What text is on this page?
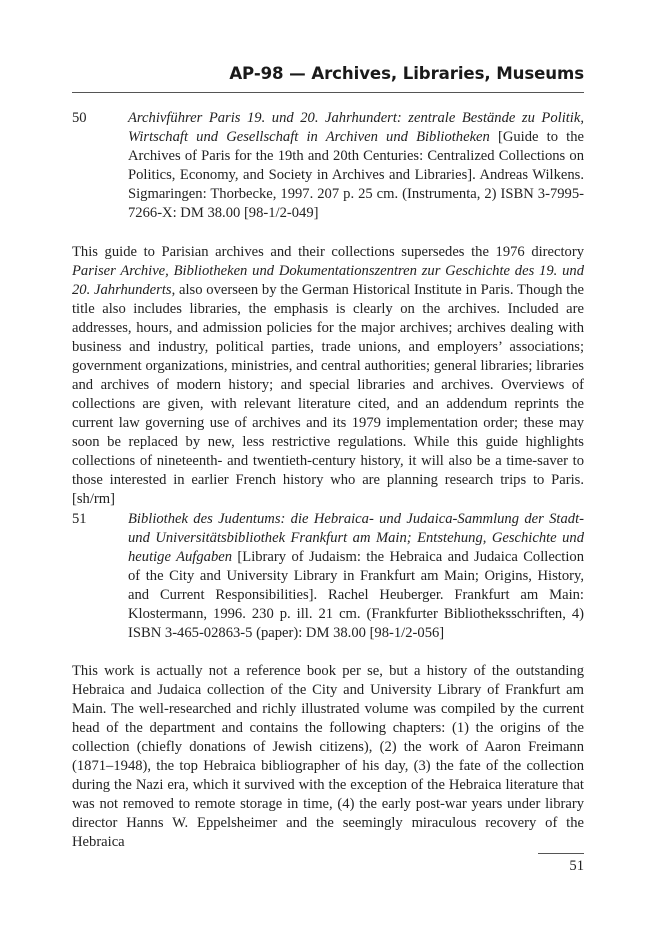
AP-98 — Archives, Libraries, Museums
50	Archivführer Paris 19. und 20. Jahrhundert: zentrale Bestände zu Politik, Wirtschaft und Gesellschaft in Archiven und Bibliotheken [Guide to the Archives of Paris for the 19th and 20th Centuries: Centralized Collections on Politics, Economy, and Society in Archives and Libraries]. Andreas Wilkens. Sigmaringen: Thorbecke, 1997. 207 p. 25 cm. (Instrumenta, 2) ISBN 3-7995-7266-X: DM 38.00 [98-1/2-049]

This guide to Parisian archives and their collections supersedes the 1976 directory Pariser Archive, Bibliotheken und Dokumentationszentren zur Geschichte des 19. und 20. Jahrhunderts, also overseen by the German Historical Institute in Paris. Though the title also includes libraries, the emphasis is clearly on the archives. Included are addresses, hours, and admission policies for the major archives; archives dealing with business and industry, political parties, trade unions, and employers’ associations; government organizations, ministries, and central authorities; general libraries; libraries and archives of modern history; and special libraries and archives. Overviews of collections are given, with relevant literature cited, and an addendum reprints the current law governing use of archives and its 1979 implementation order; these may soon be replaced by new, less restrictive regulations. While this guide highlights collections of nineteenth- and twentieth-century history, it will also be a time-saver to those interested in earlier French history who are planning research trips to Paris. [sh/rm]

51	Bibliothek des Judentums: die Hebraica- und Judaica-Sammlung der Stadt- und Universitätsbibliothek Frankfurt am Main; Entstehung, Geschichte und heutige Aufgaben [Library of Judaism: the Hebraica and Judaica Collection of the City and University Library in Frankfurt am Main; Origins, History, and Current Responsibilities]. Rachel Heuberger. Frankfurt am Main: Klostermann, 1996. 230 p. ill. 21 cm. (Frankfurter Bibliotheksschriften, 4) ISBN 3-465-02863-5 (paper): DM 38.00 [98-1/2-056]

This work is actually not a reference book per se, but a history of the outstanding Hebraica and Judaica collection of the City and University Library of Frankfurt am Main. The well-researched and richly illustrated volume was compiled by the current head of the department and contains the following chapters: (1) the origins of the collection (chiefly donations of Jewish citizens), (2) the work of Aaron Freimann (1871–1948), the top Hebraica bibliographer of his day, (3) the fate of the collection during the Nazi era, which it survived with the exception of the Hebraica literature that was not removed to remote storage in time, (4) the early post-war years under library director Hanns W. Eppelsheimer and the seemingly miraculous recovery of the Hebraica

51
